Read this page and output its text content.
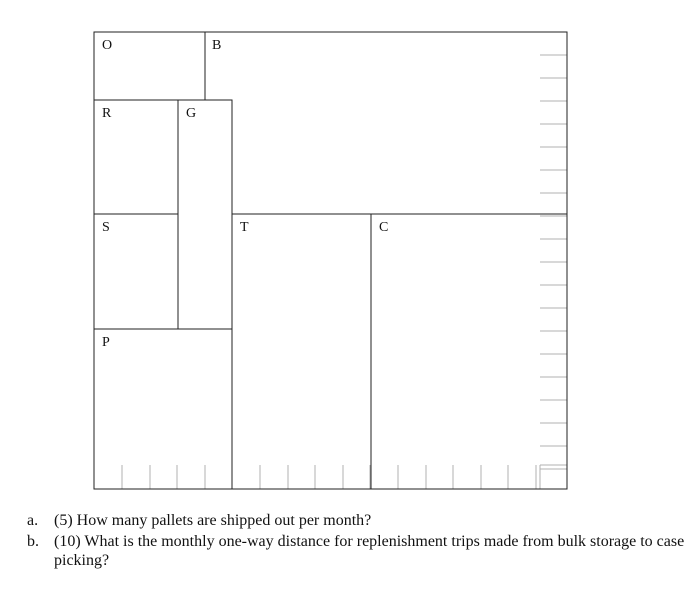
O	B
R	G
S	T	C
P
a. (5) How many pallets are shipped out per month?
b. (10) What is the monthly one-way distance for replenishment trips made from bulk storage to case picking?
